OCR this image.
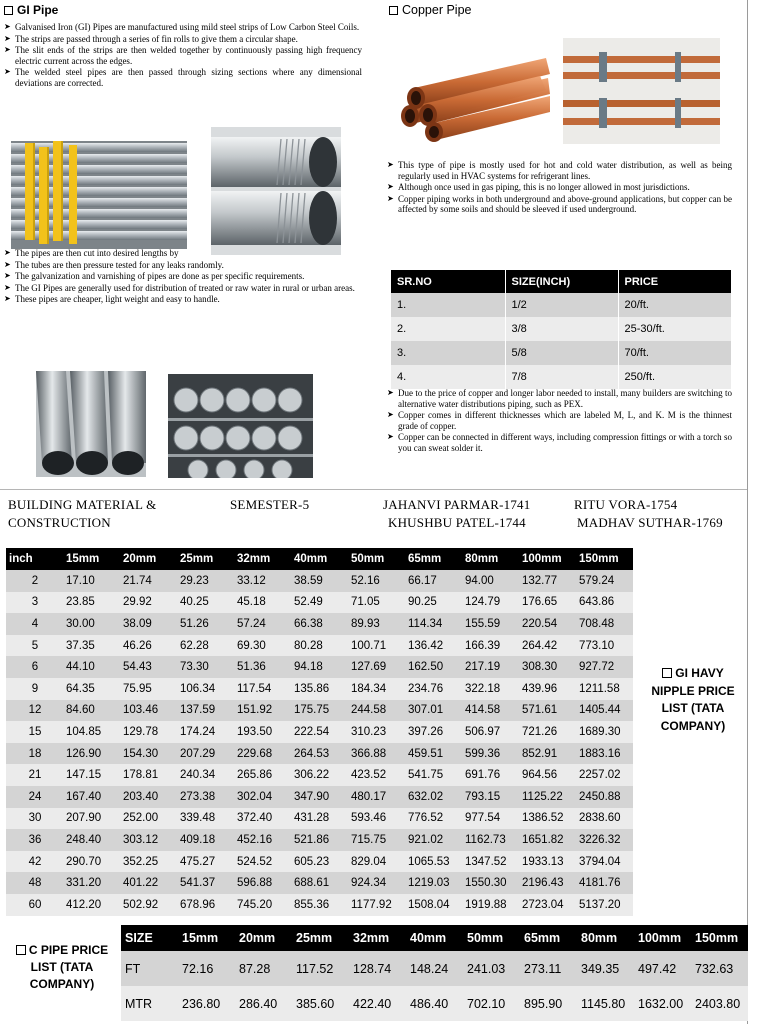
GI Pipe
➤ Galvanised Iron (GI) Pipes are manufactured using mild steel strips of Low Carbon Steel Coils.
➤ The strips are passed through a series of fin rolls to give them a circular shape.
➤ The slit ends of the strips are then welded together by continuously passing high frequency electric current across the edges.
➤ The welded steel pipes are then passed through sizing sections where any dimensional deviations are corrected.
➤ The pipes are then cut into desired lengths by
➤ The tubes are then pressure tested for any leaks randomly.
➤ The galvanization and varnishing of pipes are done as per specific requirements.
➤ The GI Pipes are generally used for distribution of treated or raw water in rural or urban areas.
➤ These pipes are cheaper, light weight and easy to handle.
Copper Pipe
➤ This type of pipe is mostly used for hot and cold water distribution, as well as being regularly used in HVAC systems for refrigerant lines.
➤ Although once used in gas piping, this is no longer allowed in most jurisdictions.
➤ Copper piping works in both underground and above-ground applications, but copper can be affected by some soils and should be sleeved if used underground.
SR.NO	SIZE(INCH)	PRICE
1.	1/2	20/ft.
2.	3/8	25-30/ft.
3.	5/8	70/ft.
4.	7/8	250/ft.
➤ Due to the price of copper and longer labor needed to install, many builders are switching to alternative water distributions piping, such as PEX.
➤ Copper comes in different thicknesses which are labeled M, L, and K. M is the thinnest grade of copper.
➤ Copper can be connected in different ways, including compression fittings or with a torch so you can sweat solder it.
BUILDING MATERIAL &
CONSTRUCTION
SEMESTER-5	JAHANVI PARMAR-1741	RITU VORA-1754
KHUSHBU PATEL-1744	MADHAV SUTHAR-1769
inch	15mm	20mm	25mm	32mm	40mm	50mm	65mm	80mm	100mm	150mm
2	17.10	21.74	29.23	33.12	38.59	52.16	66.17	94.00	132.77	579.24
3	23.85	29.92	40.25	45.18	52.49	71.05	90.25	124.79	176.65	643.86
4	30.00	38.09	51.26	57.24	66.38	89.93	114.34	155.59	220.54	708.48
5	37.35	46.26	62.28	69.30	80.28	100.71	136.42	166.39	264.42	773.10
6	44.10	54.43	73.30	51.36	94.18	127.69	162.50	217.19	308.30	927.72
9	64.35	75.95	106.34	117.54	135.86	184.34	234.76	322.18	439.96	1211.58
12	84.60	103.46	137.59	151.92	175.75	244.58	307.01	414.58	571.61	1405.44
15	104.85	129.78	174.24	193.50	222.54	310.23	397.26	506.97	721.26	1689.30
18	126.90	154.30	207.29	229.68	264.53	366.88	459.51	599.36	852.91	1883.16
21	147.15	178.81	240.34	265.86	306.22	423.52	541.75	691.76	964.56	2257.02
24	167.40	203.40	273.38	302.04	347.90	480.17	632.02	793.15	1125.22	2450.88
30	207.90	252.00	339.48	372.40	431.28	593.46	776.52	977.54	1386.52	2838.60
36	248.40	303.12	409.18	452.16	521.86	715.75	921.02	1162.73	1651.82	3226.32
42	290.70	352.25	475.27	524.52	605.23	829.04	1065.53	1347.52	1933.13	3794.04
48	331.20	401.22	541.37	596.88	688.61	924.34	1219.03	1550.30	2196.43	4181.76
60	412.20	502.92	678.96	745.20	855.36	1177.92	1508.04	1919.88	2723.04	5137.20
GI HAVY NIPPLE PRICE LIST (TATA COMPANY)
C PIPE PRICE LIST (TATA COMPANY)
SIZE	15mm	20mm	25mm	32mm	40mm	50mm	65mm	80mm	100mm	150mm
FT	72.16	87.28	117.52	128.74	148.24	241.03	273.11	349.35	497.42	732.63
MTR	236.80	286.40	385.60	422.40	486.40	702.10	895.90	1145.80	1632.00	2403.80
